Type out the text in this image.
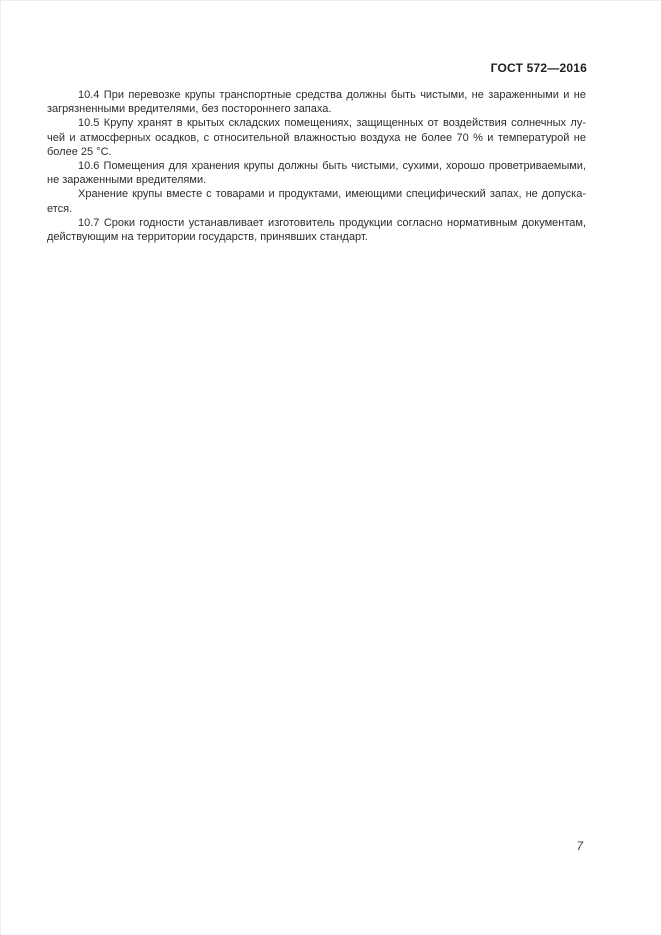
ГОСТ 572—2016
10.4 При перевозке крупы транспортные средства должны быть чистыми, не зараженными и не
загрязненными вредителями, без постороннего запаха.
10.5 Крупу хранят в крытых складских помещениях, защищенных от воздействия солнечных лу-
чей и атмосферных осадков, с относительной влажностью воздуха не более 70 % и температурой не
более 25 °С.
10.6 Помещения для хранения крупы должны быть чистыми, сухими, хорошо проветриваемыми,
не зараженными вредителями.
Хранение крупы вместе с товарами и продуктами, имеющими специфический запах, не допуска-
ется.
10.7 Сроки годности устанавливает изготовитель продукции согласно нормативным документам,
действующим на территории государств, принявших стандарт.
7
